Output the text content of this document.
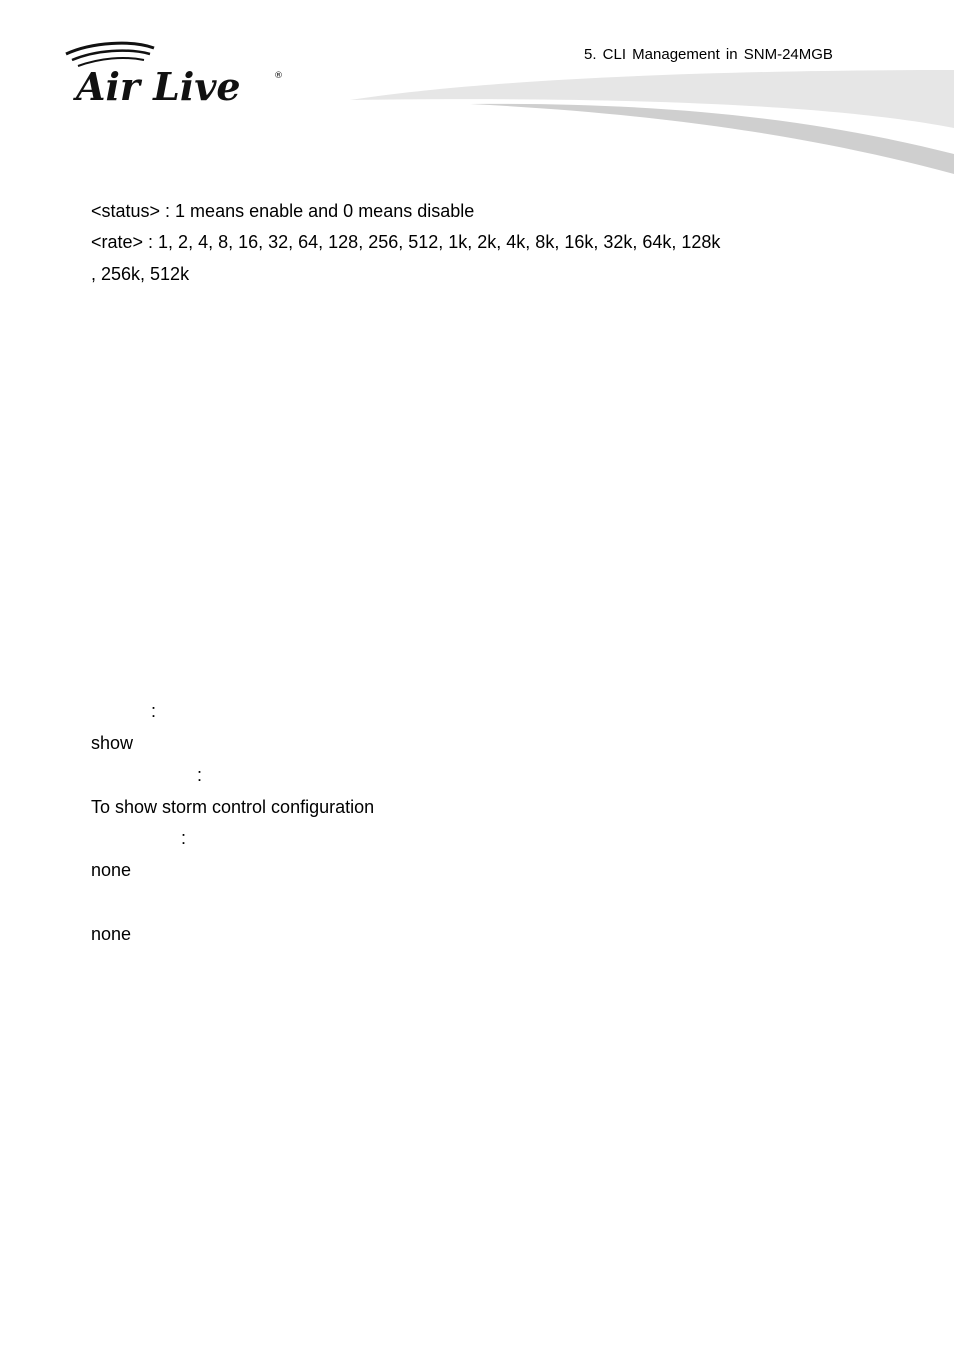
5. CLI Management in SNM-24MGB
Air Live	®
<status> : 1 means enable and 0 means disable
<rate> : 1, 2, 4, 8, 16, 32, 64, 128, 256, 512, 1k, 2k, 4k, 8k, 16k, 32k, 64k, 128k
, 256k, 512k
:
show
:
To show storm control configuration
:
none
none
